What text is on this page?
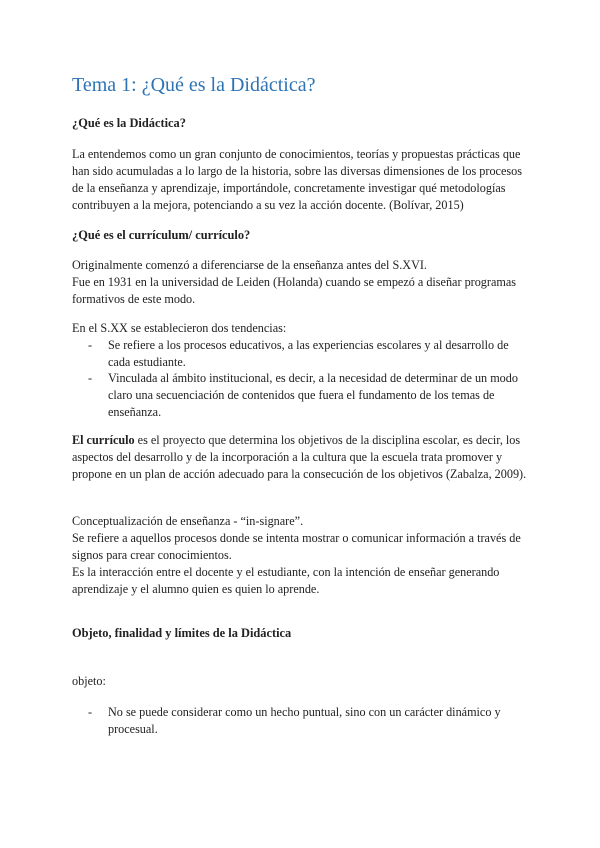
Tema 1: ¿Qué es la Didáctica?
¿Qué es la Didáctica?
La entendemos como un gran conjunto de conocimientos, teorías y propuestas prácticas que
han sido acumuladas a lo largo de la historia, sobre las diversas dimensiones de los procesos
de la enseñanza y aprendizaje, importándole, concretamente investigar qué metodologías
contribuyen a la mejora, potenciando a su vez la acción docente. (Bolívar, 2015)
¿Qué es el currículum/ currículo?
Originalmente comenzó a diferenciarse de la enseñanza antes del S.XVI.
Fue en 1931 en la universidad de Leiden (Holanda) cuando se empezó a diseñar programas
formativos de este modo.
En el S.XX se establecieron dos tendencias:
- Se refiere a los procesos educativos, a las experiencias escolares y al desarrollo de
cada estudiante.
- Vinculada al ámbito institucional, es decir, a la necesidad de determinar de un modo
claro una secuenciación de contenidos que fuera el fundamento de los temas de
enseñanza.
El currículo es el proyecto que determina los objetivos de la disciplina escolar, es decir, los
aspectos del desarrollo y de la incorporación a la cultura que la escuela trata promover y
propone en un plan de acción adecuado para la consecución de los objetivos (Zabalza, 2009).
Conceptualización de enseñanza - “in-signare”.
Se refiere a aquellos procesos donde se intenta mostrar o comunicar información a través de
signos para crear conocimientos.
Es la interacción entre el docente y el estudiante, con la intención de enseñar generando
aprendizaje y el alumno quien es quien lo aprende.
Objeto, finalidad y límites de la Didáctica
objeto:
- No se puede considerar como un hecho puntual, sino con un carácter dinámico y
procesual.
